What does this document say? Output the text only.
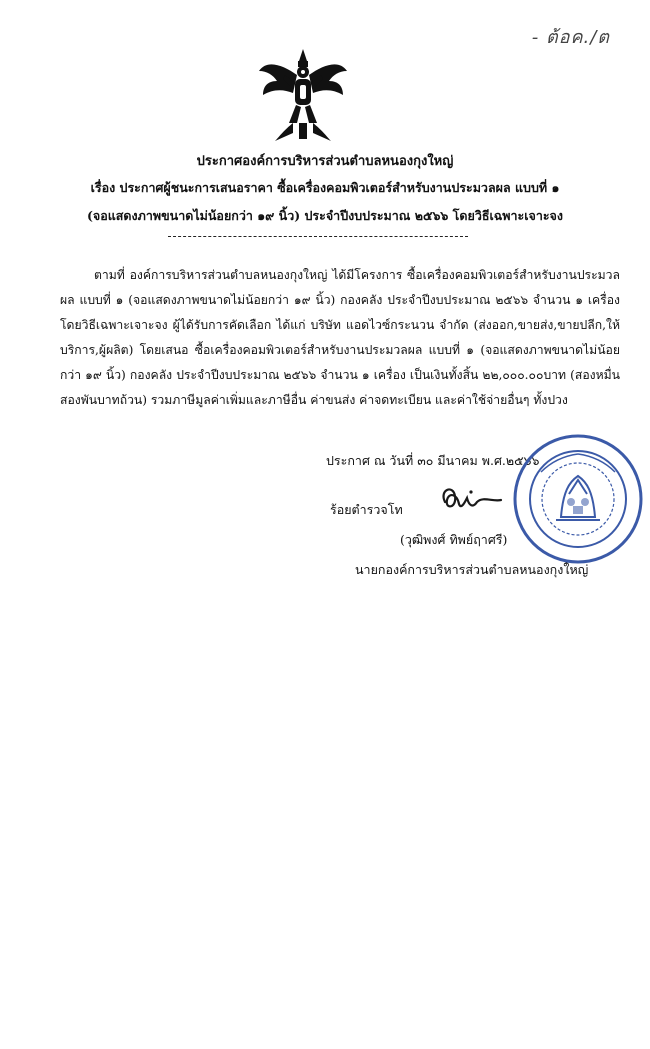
- ต้อค./ต
ประกาศองค์การบริหารส่วนตำบลหนองกุงใหญ่
เรื่อง ประกาศผู้ชนะการเสนอราคา ซื้อเครื่องคอมพิวเตอร์สำหรับงานประมวลผล แบบที่ ๑
(จอแสดงภาพขนาดไม่น้อยกว่า ๑๙ นิ้ว) ประจำปีงบประมาณ ๒๕๖๖ โดยวิธีเฉพาะเจาะจง
ตามที่ องค์การบริหารส่วนตำบลหนองกุงใหญ่ ได้มีโครงการ ซื้อเครื่องคอมพิวเตอร์สำหรับงานประมวลผล แบบที่ ๑ (จอแสดงภาพขนาดไม่น้อยกว่า ๑๙ นิ้ว) กองคลัง ประจำปีงบประมาณ ๒๕๖๖ จำนวน ๑ เครื่อง โดยวิธีเฉพาะเจาะจง ผู้ได้รับการคัดเลือก ได้แก่ บริษัท แอดไวซ์กระนวน จำกัด (ส่งออก,ขายส่ง,ขายปลีก,ให้บริการ,ผู้ผลิต) โดยเสนอ ซื้อเครื่องคอมพิวเตอร์สำหรับงานประมวลผล แบบที่ ๑ (จอแสดงภาพขนาดไม่น้อยกว่า ๑๙ นิ้ว) กองคลัง ประจำปีงบประมาณ ๒๕๖๖ จำนวน ๑ เครื่อง เป็นเงินทั้งสิ้น ๒๒,๐๐๐.๐๐บาท (สองหมื่นสองพันบาทถ้วน) รวมภาษีมูลค่าเพิ่มและภาษีอื่น ค่าขนส่ง ค่าจดทะเบียน และค่าใช้จ่ายอื่นๆ ทั้งปวง
ประกาศ ณ วันที่ ๓๐ มีนาคม พ.ศ.๒๕๖๖
ร้อยตำรวจโท
(วุฒิพงศ์ ทิพย์ฤาศรี)
นายกองค์การบริหารส่วนตำบลหนองกุงใหญ่
